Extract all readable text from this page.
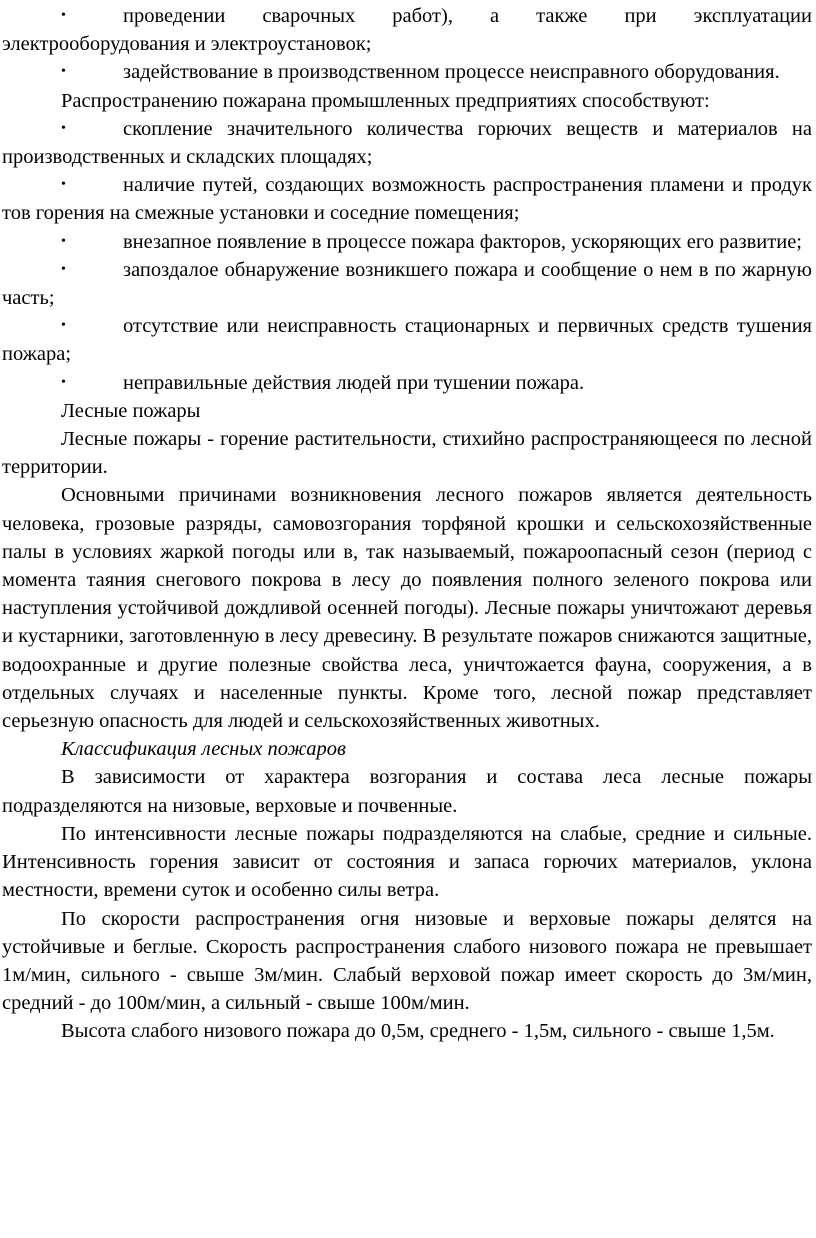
•	проведении сварочных работ), а также при эксплуатации электрооборудования и электроустановок;

•	задействование в производственном процессе неисправного оборудования.

Распространению пожарана промышленных предприятиях способствуют:

•	скопление значительного количества горючих веществ и материалов на производственных и складских площадях;

•	наличие путей, создающих возможность распространения пламени и продук тов горения на смежные установки и соседние помещения;

•	внезапное появление в процессе пожара факторов, ускоряющих его развитие;

•	запоздалое обнаружение возникшего пожара и сообщение о нем в по жарную часть;

•	отсутствие или неисправность стационарных и первичных средств тушения пожара;

•	неправильные действия людей при тушении пожара.

Лесные пожары

Лесные пожары - горение растительности, стихийно распространяющееся по лесной территории.

Основными причинами возникновения лесного пожаров является деятельность человека, грозовые разряды, самовозгорания торфяной крошки и сельскохозяйственные палы в условиях жаркой погоды или в, так называемый, пожароопасный сезон (период с момента таяния снегового покрова в лесу до появления полного зеленого покрова или наступления устойчивой дождливой осенней погоды). Лесные пожары уничтожают деревья и кустарники, заготовленную в лесу древесину. В результате пожаров снижаются защитные, водоохранные и другие полезные свойства леса, уничтожается фауна, сооружения, а в отдельных случаях и населенные пункты. Кроме того, лесной пожар представляет серьезную опасность для людей и сельскохозяйственных животных.

Классификация лесных пожаров

В зависимости от характера возгорания и состава леса лесные пожары подразделяются на низовые, верховые и почвенные.

По интенсивности лесные пожары подразделяются на слабые, средние и сильные. Интенсивность горения зависит от состояния и запаса горючих материалов, уклона местности, времени суток и особенно силы ветра.

По скорости распространения огня низовые и верховые пожары делятся на устойчивые и беглые. Скорость распространения слабого низового пожара не превышает 1м/мин, сильного - свыше 3м/мин. Слабый верховой пожар имеет скорость до 3м/мин, средний - до 100м/мин, а сильный - свыше 100м/мин.

Высота слабого низового пожара до 0,5м, среднего - 1,5м, сильного - свыше 1,5м.
